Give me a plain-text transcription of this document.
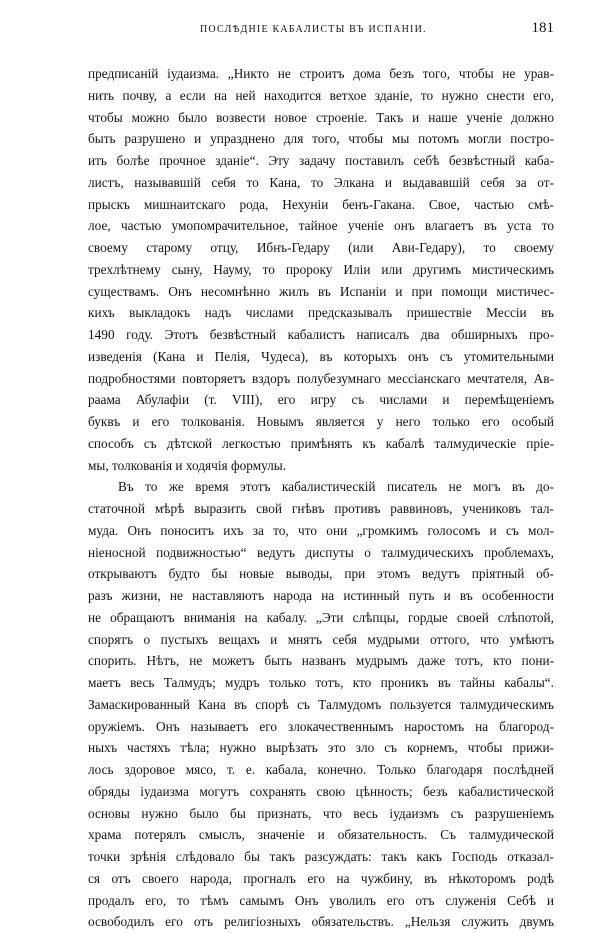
ПОСЛѢДНІЕ КАБАЛИСТЫ ВЪ ИСПАНІИ.	181
предписаній іудаизма. „Никто не строитъ дома безъ того, чтобы не урав-
нить почву, а если на ней находится ветхое зданіе, то нужно снести его,
чтобы можно было возвести новое строеніе. Такъ и наше ученіе должно
быть разрушено и упразднено для того, чтобы мы потомъ могли постро-
ить болѣе прочное зданіе“. Эту задачу поставилъ себѣ безвѣстный каба-
листъ, называвшій себя то Кана, то Элкана и выдававшій себя за от-
прыскъ мишнаитскаго рода, Нехуніи бенъ-Гакана. Свое, частью смѣ-
лое, частью умопомрачительное, тайное ученіе онъ влагаетъ въ уста то
своему старому отцу, Ибнъ-Гедару (или Ави-Гедару), то своему
трехлѣтнему сыну, Науму, то пророку Иліи или другимъ мистическимъ
существамъ. Онъ несомнѣнно жилъ въ Испаніи и при помощи мистичес-
кихъ выкладокъ надъ числами предсказывалъ пришествіе Мессіи въ
1490 году. Этотъ безвѣстный кабалистъ написалъ два обширныхъ про-
изведенія (Кана и Пелія, Чудеса), въ которыхъ онъ съ утомительными
подробностями повторяетъ вздоръ полубезумнаго мессіанскаго мечтателя, Ав-
раама Абулафіи (т. VIII), его игру съ числами и перемѣщеніемъ
буквъ и его толкованія. Новымъ является у него только его особый
способъ съ дѣтской легкостью примѣнять къ кабалѣ талмудическіе пріе-
мы, толкованія и ходячія формулы.
Въ то же время этотъ кабалистическій писатель не могъ въ до-
статочной мѣрѣ выразить свой гнѣвъ противъ раввиновъ, учениковъ тал-
муда. Онъ поноситъ ихъ за то, что они „громкимъ голосомъ и съ мол-
ніеносной подвижностью“ ведутъ диспуты о талмудическихъ проблемахъ,
открываютъ будто бы новые выводы, при этомъ ведутъ пріятный об-
разъ жизни, не наставляютъ народа на истинный путь и въ особенности
не обращаютъ вниманія на кабалу. „Эти слѣпцы, гордые своей слѣпотой,
спорятъ о пустыхъ вещахъ и мнятъ себя мудрыми оттого, что умѣютъ
спорить. Нѣтъ, не можетъ быть названъ мудрымъ даже тотъ, кто пони-
маетъ весь Талмудъ; мудръ только тотъ, кто проникъ въ тайны кабалы“.
Замаскированный Кана въ спорѣ съ Талмудомъ пользуется талмудическимъ
оружіемъ. Онъ называетъ его злокачественнымъ наростомъ на благород-
ныхъ частяхъ тѣла; нужно вырѣзать это зло съ корнемъ, чтобы прижи-
лось здоровое мясо, т. е. кабала, конечно. Только благодаря послѣдней
обряды іудаизма могутъ сохранять свою цѣнность; безъ кабалистической
основы нужно было бы признать, что весь іудаизмъ съ разрушеніемъ
храма потерялъ смыслъ, значеніе и обязательность. Съ талмудической
точки зрѣнія слѣдовало бы такъ разсуждать: такъ какъ Господь отказал-
ся отъ своего народа, прогналъ его на чужбину, въ нѣкоторомъ родѣ
продалъ его, то тѣмъ самымъ Онъ уволилъ его отъ служенія Себѣ и
освободилъ его отъ религіозныхъ обязательствъ. „Нельзя служить двумъ
